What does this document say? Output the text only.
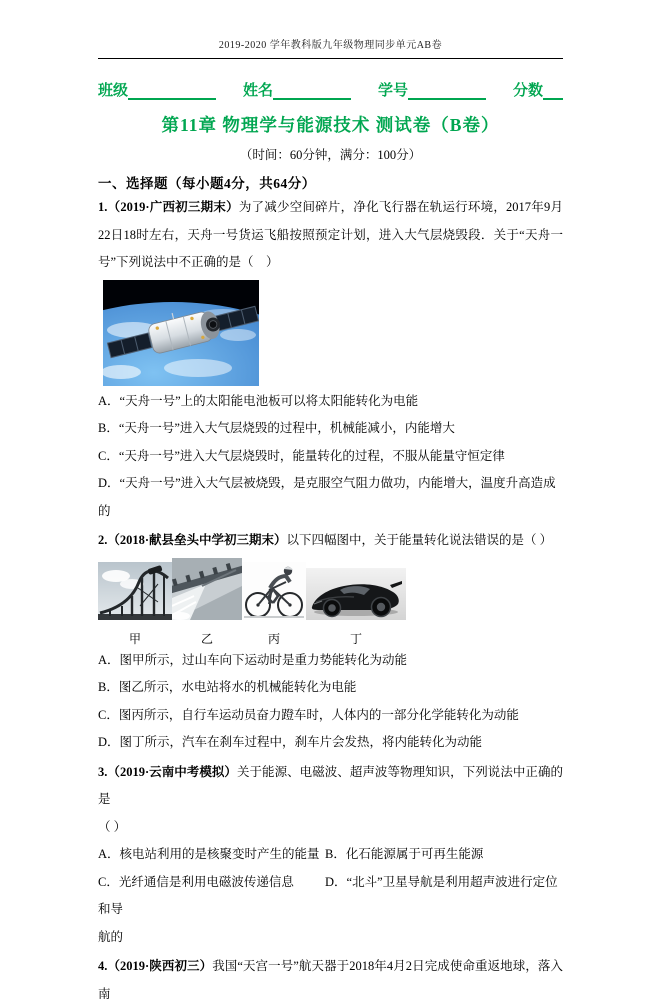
2019-2020 学年教科版九年级物理同步单元AB卷
班级	姓名	学号	分数
第11章 物理学与能源技术 测试卷（B卷）
（时间：60分钟，满分：100分）
一、选择题（每小题4分，共64分）

1.（2019·广西初三期末）为了减少空间碎片，净化飞行器在轨运行环境，2017年9月22日18时左右，天舟一号货运飞船按照预定计划，进入大气层烧毁段．关于“天舟一号”下列说法中不正确的是（　）

A．“天舟一号”上的太阳能电池板可以将太阳能转化为电能

B．“天舟一号”进入大气层烧毁的过程中，机械能减小，内能增大

C．“天舟一号”进入大气层烧毁时，能量转化的过程，不服从能量守恒定律

D．“天舟一号”进入大气层被烧毁，是克服空气阻力做功，内能增大，温度升高造成的

2.（2018·献县垒头中学初三期末）以下四幅图中，关于能量转化说法错误的是（ ）

甲	乙	丙	丁

A．图甲所示，过山车向下运动时是重力势能转化为动能

B．图乙所示，水电站将水的机械能转化为电能

C．图丙所示，自行车运动员奋力蹬车时，人体内的一部分化学能转化为动能

D．图丁所示，汽车在刹车过程中，刹车片会发热，将内能转化为动能

3.（2019·云南中考模拟）关于能源、电磁波、超声波等物理知识，下列说法中正确的是

（ ）

A．核电站利用的是核聚变时产生的能量 B．化石能源属于可再生能源

C．光纤通信是利用电磁波传递信息 D．“北斗”卫星导航是利用超声波进行定位和导

航的

4.（2019·陕西初三）我国“天宫一号”航天器于2018年4月2日完成使命重返地球，落入南
